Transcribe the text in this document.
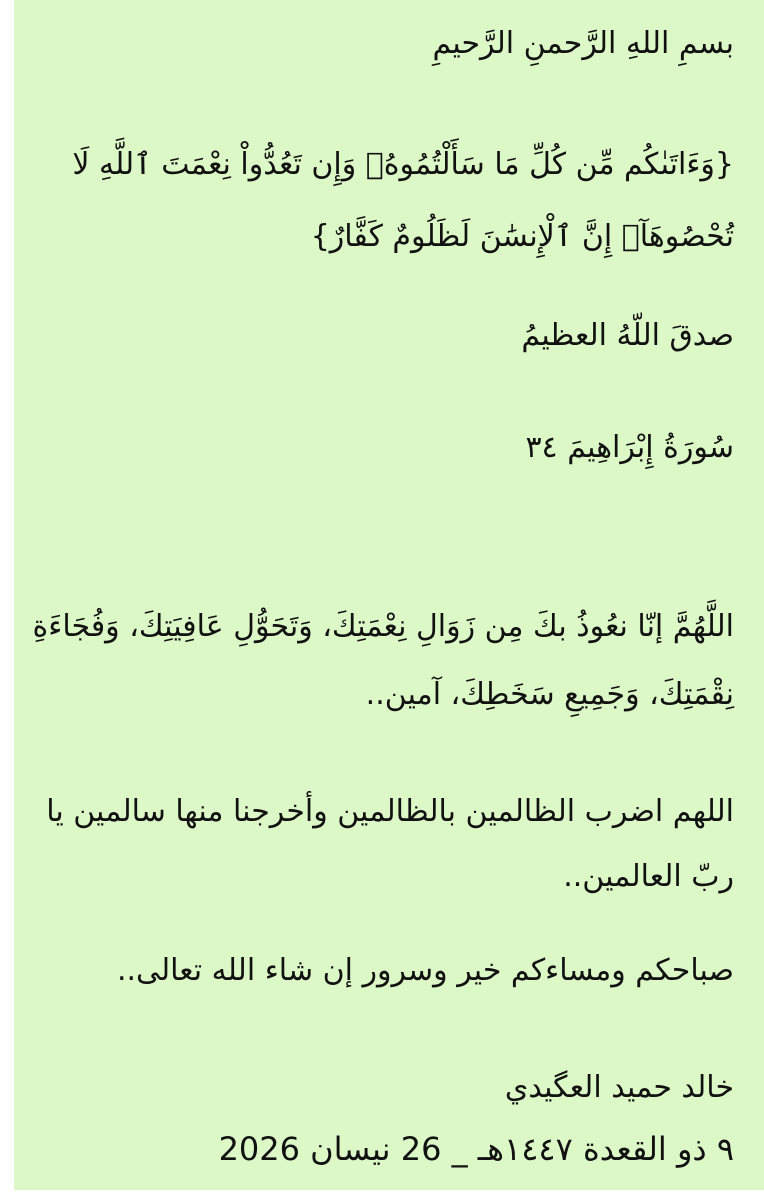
بسمِ اللهِ الرَّحمنِ الرَّحيمِ

{وَءَاتَىٰكُم مِّن كُلِّ مَا سَأَلْتُمُوهُۚ وَإِن تَعُدُّواْ نِعْمَتَ ٱللَّهِ لَا تُحْصُوهَآۗ إِنَّ ٱلْإِنسَٰنَ لَظَلُومٌ كَفَّارٌ}

صدقَ اللّهُ العظيمُ

سُورَةُ إِبْرَاهِيمَ ٣٤

اللَّهُمَّ إنّا نعُوذُ بكَ مِن زَوَالِ نِعْمَتِكَ، وَتَحَوُّلِ عَافِيَتِكَ، وَفُجَاءَةِ نِقْمَتِكَ، وَجَمِيعِ سَخَطِكَ، آمين..

اللهم اضرب الظالمين بالظالمين وأخرجنا منها سالمين يا ربّ العالمين..

صباحكم ومساءكم خير وسرور إن شاء الله تعالى..

خالد حميد العگيدي

٩ ذو القعدة ١٤٤٧هـ _ 26 نيسان 2026
